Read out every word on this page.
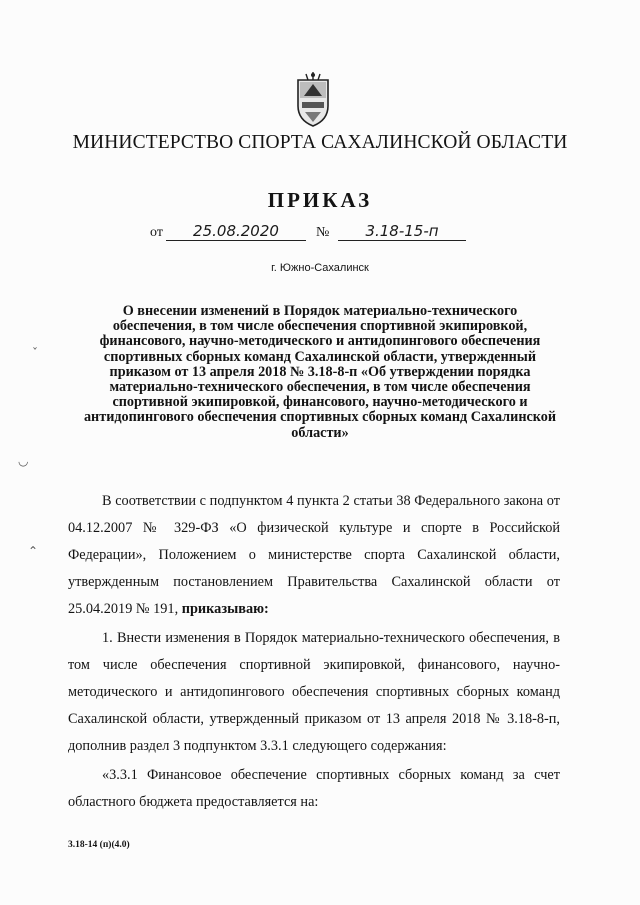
МИНИСТЕРСТВО СПОРТА САХАЛИНСКОЙ ОБЛАСТИ
ПРИКАЗ
от	25.08.2020	№	3.18-15-п
г. Южно-Сахалинск
О внесении изменений в Порядок материально-технического обеспечения, в том числе обеспечения спортивной экипировкой, финансового, научно-методического и антидопингового обеспечения спортивных сборных команд Сахалинской области, утвержденный приказом от 13 апреля 2018 № 3.18-8-п «Об утверждении порядка материально-технического обеспечения, в том числе обеспечения спортивной экипировкой, финансового, научно-методического и антидопингового обеспечения спортивных сборных команд Сахалинской области»

В соответствии с подпунктом 4 пункта 2 статьи 38 Федерального закона от 04.12.2007 № 329-ФЗ «О физической культуре и спорте в Российской Федерации», Положением о министерстве спорта Сахалинской области, утвержденным постановлением Правительства Сахалинской области от 25.04.2019 № 191, приказываю:

1. Внести изменения в Порядок материально-технического обеспечения, в том числе обеспечения спортивной экипировкой, финансового, научно-методического и антидопингового обеспечения спортивных сборных команд Сахалинской области, утвержденный приказом от 13 апреля 2018 № 3.18-8-п, дополнив раздел 3 подпунктом 3.3.1 следующего содержания:

«3.3.1 Финансовое обеспечение спортивных сборных команд за счет областного бюджета предоставляется на:

3.18-14 (п)(4.0)
ˇ
◡
⌃
